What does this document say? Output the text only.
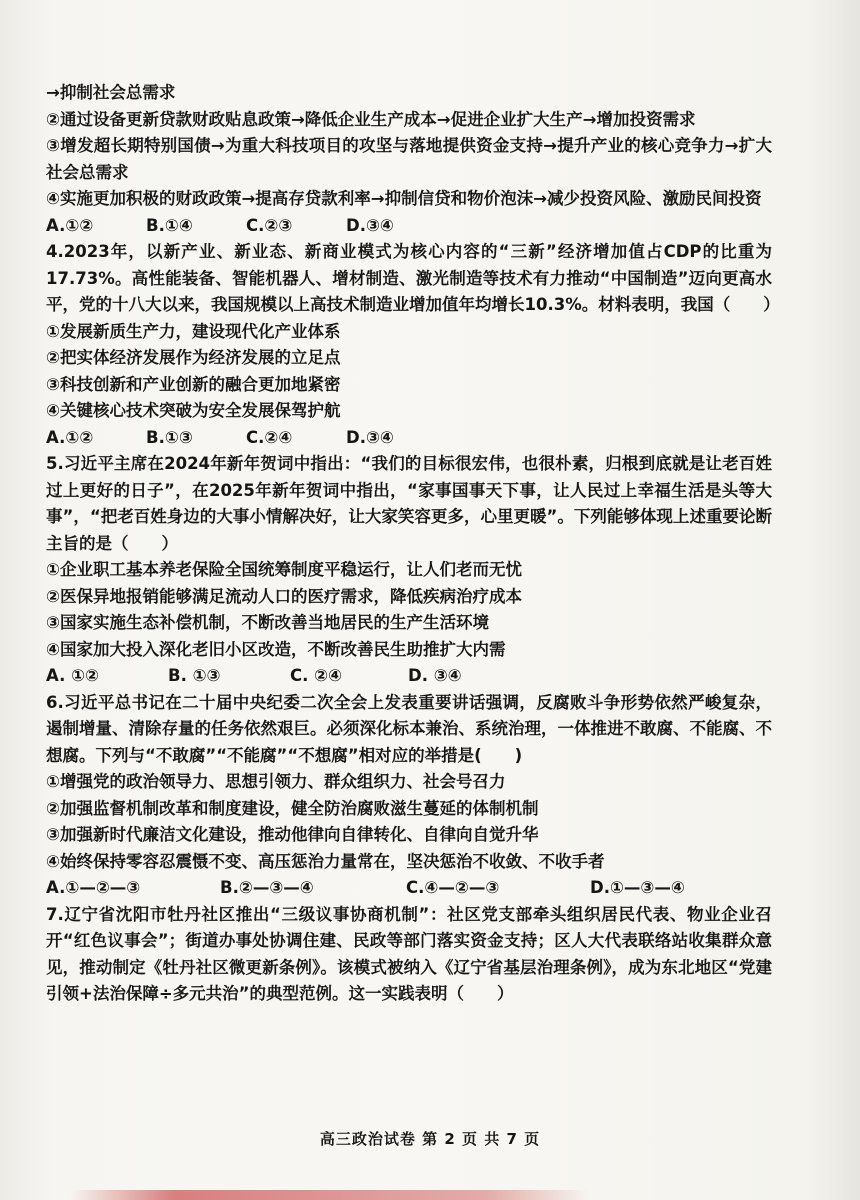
→抑制社会总需求
②通过设备更新贷款财政贴息政策→降低企业生产成本→促进企业扩大生产→增加投资需求
③增发超长期特别国债→为重大科技项目的攻坚与落地提供资金支持→提升产业的核心竞争力→扩大社会总需求
④实施更加积极的财政政策→提高存贷款利率→抑制信贷和物价泡沫→减少投资风险、激励民间投资
A.①②	B.①④	C.②③	D.③④
4.2023年，以新产业、新业态、新商业模式为核心内容的“三新”经济增加值占CDP的比重为17.73%。高性能装备、智能机器人、增材制造、激光制造等技术有力推动“中国制造”迈向更高水平，党的十八大以来，我国规模以上高技术制造业增加值年均增长10.3%。材料表明，我国（　　）
①发展新质生产力，建设现代化产业体系
②把实体经济发展作为经济发展的立足点
③科技创新和产业创新的融合更加地紧密
④关键核心技术突破为安全发展保驾护航
A.①②	B.①③	C.②④	D.③④
5.习近平主席在2024年新年贺词中指出：“我们的目标很宏伟，也很朴素，归根到底就是让老百姓过上更好的日子”，在2025年新年贺词中指出，“家事国事天下事，让人民过上幸福生活是头等大事”，“把老百姓身边的大事小情解决好，让大家笑容更多，心里更暖”。下列能够体现上述重要论断主旨的是（　　）
①企业职工基本养老保险全国统筹制度平稳运行，让人们老而无忧
②医保异地报销能够满足流动人口的医疗需求，降低疾病治疗成本
③国家实施生态补偿机制，不断改善当地居民的生产生活环境
④国家加大投入深化老旧小区改造，不断改善民生助推扩大内需
A. ①②	B. ①③	C. ②④	D. ③④
6.习近平总书记在二十届中央纪委二次全会上发表重要讲话强调，反腐败斗争形势依然严峻复杂，遏制增量、清除存量的任务依然艰巨。必须深化标本兼治、系统治理，一体推进不敢腐、不能腐、不想腐。下列与“不敢腐”“不能腐”“不想腐”相对应的举措是(　　)
①增强党的政治领导力、思想引领力、群众组织力、社会号召力
②加强监督机制改革和制度建设，健全防治腐败滋生蔓延的体制机制
③加强新时代廉洁文化建设，推动他律向自律转化、自律向自觉升华
④始终保持零容忍震慑不变、高压惩治力量常在，坚决惩治不收敛、不收手者
A.①—②—③	B.②—③—④	C.④—②—③	D.①—③—④
7.辽宁省沈阳市牡丹社区推出“三级议事协商机制”：社区党支部牵头组织居民代表、物业企业召开“红色议事会”；街道办事处协调住建、民政等部门落实资金支持；区人大代表联络站收集群众意见，推动制定《牡丹社区微更新条例》。该模式被纳入《辽宁省基层治理条例》，成为东北地区“党建引领+法治保障÷多元共治”的典型范例。这一实践表明（　　）
高三政治试卷 第 2 页 共 7 页
